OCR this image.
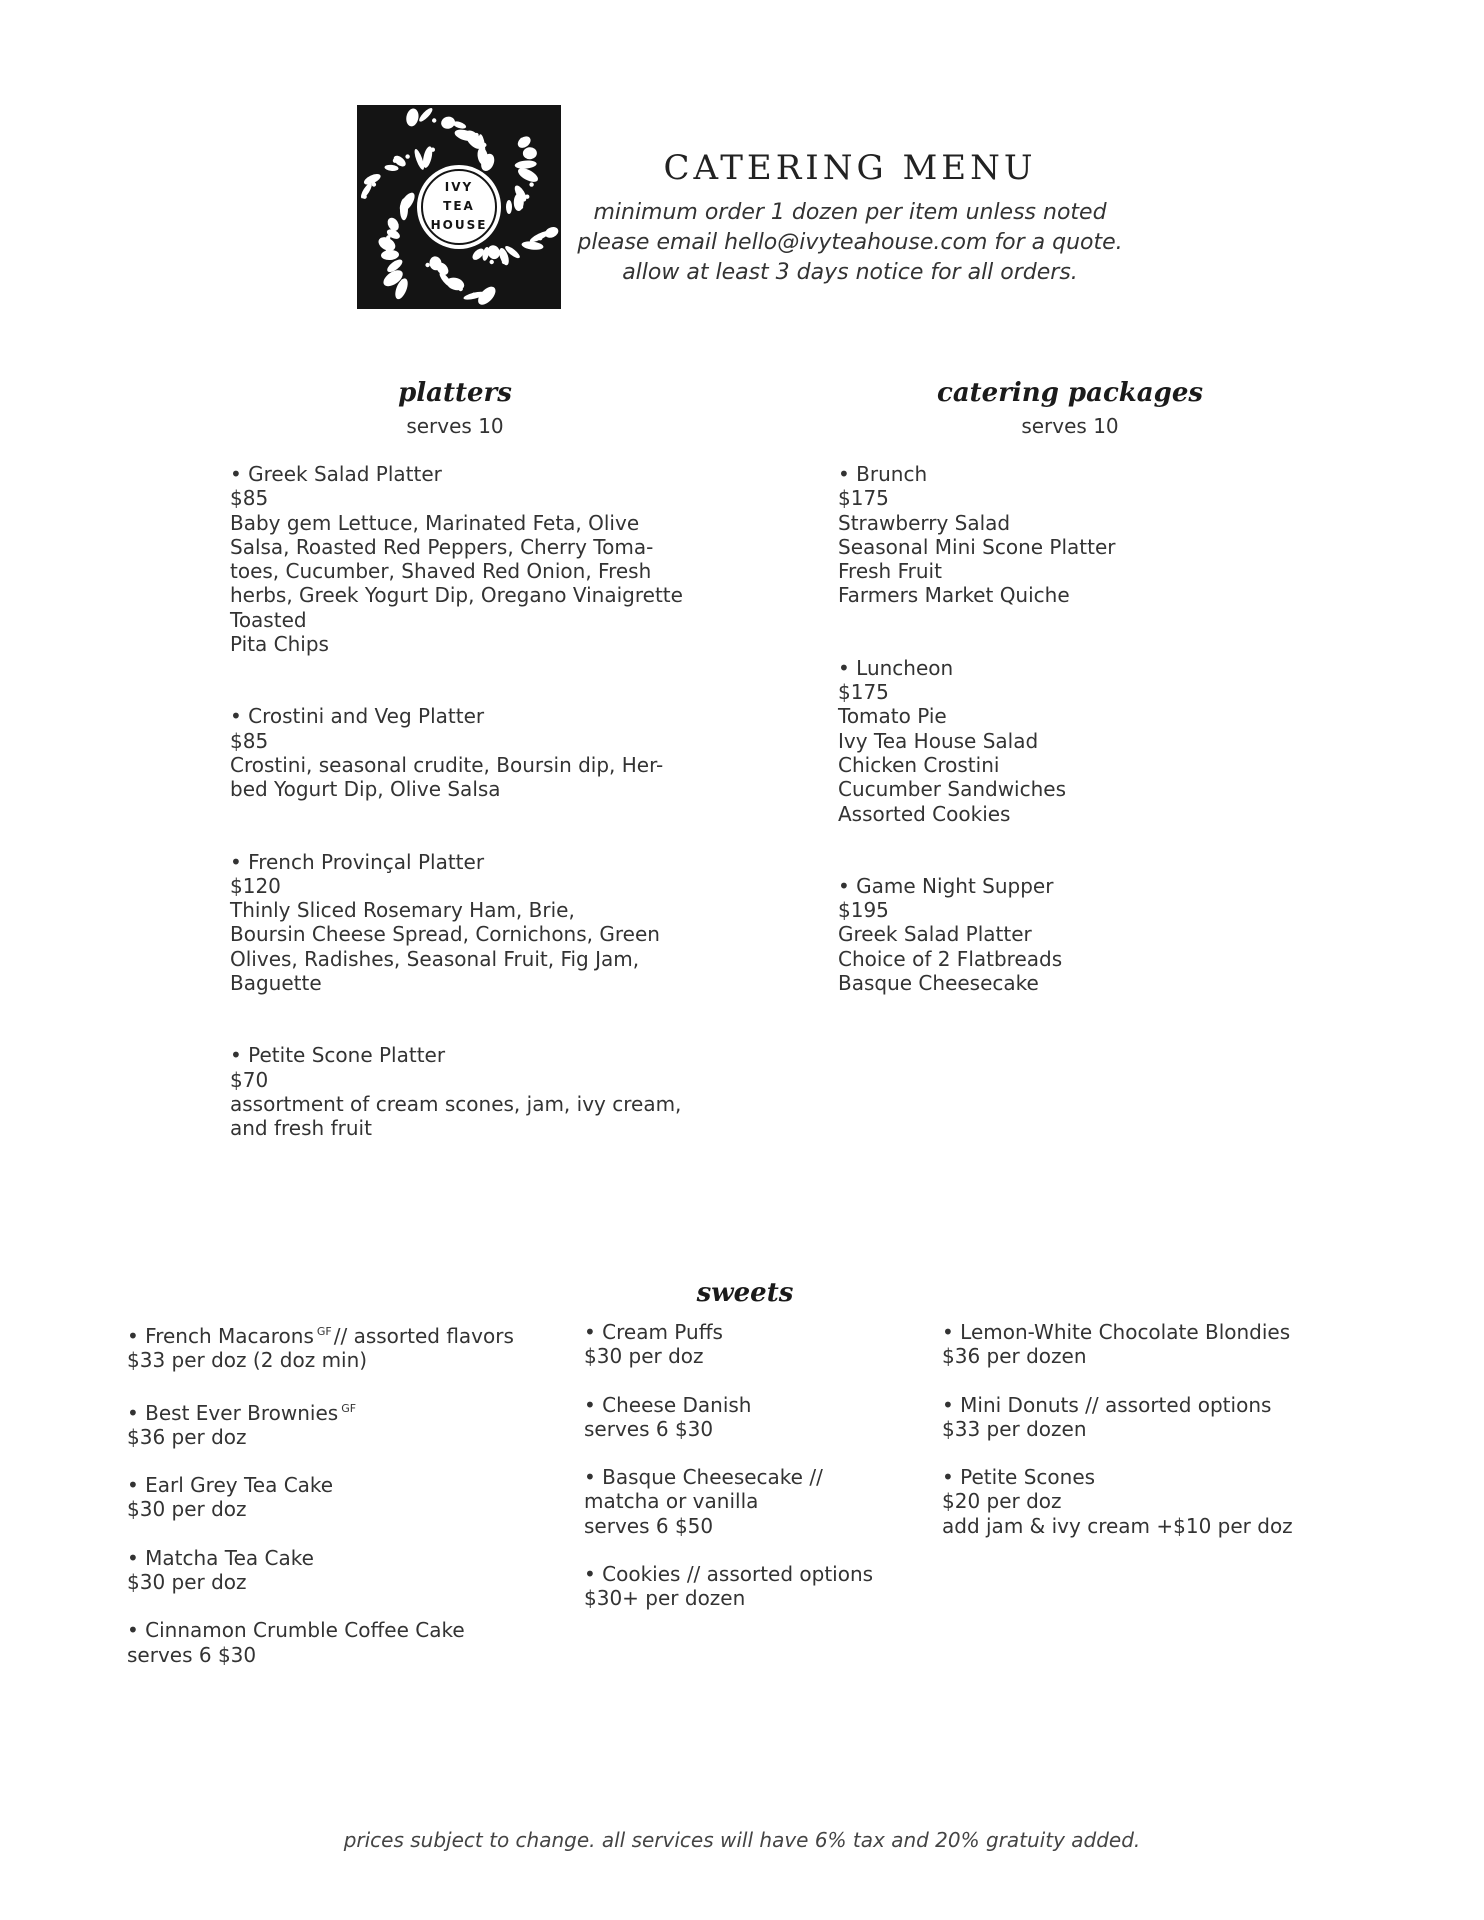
IVY
TEA
HOUSE
CATERING MENU
minimum order 1 dozen per item unless noted
please email hello@ivyteahouse.com for a quote.
allow at least 3 days notice for all orders.
platters
serves 10
catering packages
serves 10
• Greek Salad Platter
$85
Baby gem Lettuce, Marinated Feta, Olive
Salsa, Roasted Red Peppers, Cherry Toma-
toes, Cucumber, Shaved Red Onion, Fresh
herbs, Greek Yogurt Dip, Oregano Vinaigrette
Toasted
Pita Chips
• Crostini and Veg Platter
$85
Crostini, seasonal crudite, Boursin dip, Her-
bed Yogurt Dip, Olive Salsa
• French Provinçal Platter
$120
Thinly Sliced Rosemary Ham, Brie,
Boursin Cheese Spread, Cornichons, Green
Olives, Radishes, Seasonal Fruit, Fig Jam,
Baguette
• Petite Scone Platter
$70
assortment of cream scones, jam, ivy cream,
and fresh fruit
• Brunch
$175
Strawberry Salad
Seasonal Mini Scone Platter
Fresh Fruit
Farmers Market Quiche
• Luncheon
$175
Tomato Pie
Ivy Tea House Salad
Chicken Crostini
Cucumber Sandwiches
Assorted Cookies
• Game Night Supper
$195
Greek Salad Platter
Choice of 2 Flatbreads
Basque Cheesecake
sweets
• French Macarons $^{GF}$ // assorted flavors
$33 per doz (2 doz min)
• Best Ever Brownies $^{GF}$
$36 per doz
• Earl Grey Tea Cake
$30 per doz
• Matcha Tea Cake
$30 per doz
• Cinnamon Crumble Coffee Cake
serves 6 $30
• Cream Puffs
$30 per doz
• Cheese Danish
serves 6 $30
• Basque Cheesecake //
matcha or vanilla
serves 6 $50
• Cookies // assorted options
$30+ per dozen
• Lemon-White Chocolate Blondies
$36 per dozen
• Mini Donuts // assorted options
$33 per dozen
• Petite Scones
$20 per doz
add jam & ivy cream +$10 per doz
prices subject to change. all services will have 6% tax and 20% gratuity added.
